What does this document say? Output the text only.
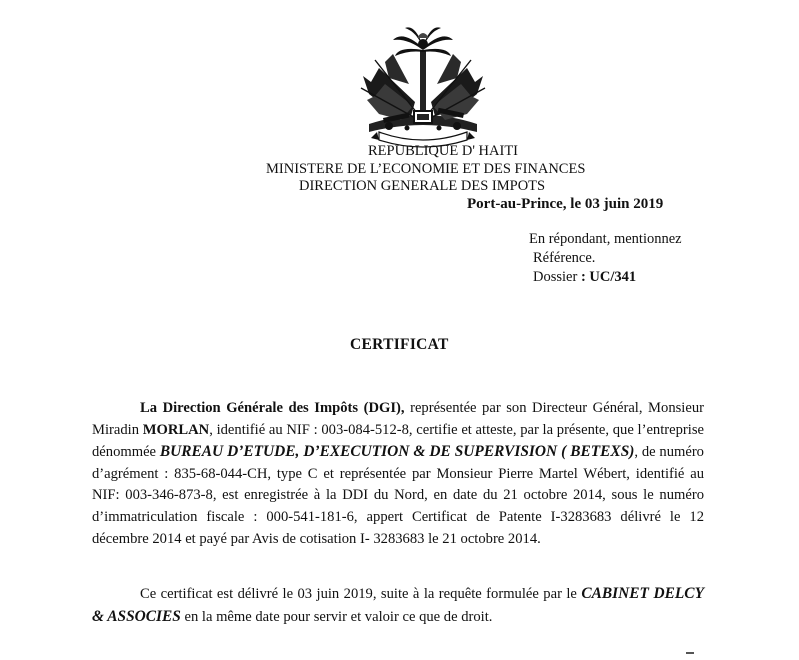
REPUBLIQUE D' HAITI
MINISTERE DE L’ECONOMIE ET DES FINANCES
DIRECTION GENERALE DES IMPOTS
Port-au-Prince, le 03 juin 2019
En répondant, mentionnez
Référence.
Dossier : UC/341
CERTIFICAT
La Direction Générale des Impôts (DGI), représentée par son Directeur Général, Monsieur Miradin MORLAN, identifié au NIF : 003-084-512-8, certifie et atteste, par la présente, que l’entreprise dénommée BUREAU D’ETUDE, D’EXECUTION & DE SUPERVISION ( BETEXS), de numéro d’agrément : 835-68-044-CH, type C et représentée par Monsieur Pierre Martel Wébert, identifié au NIF: 003-346-873-8, est enregistrée à la DDI du Nord, en date du 21 octobre 2014, sous le numéro d’immatriculation fiscale : 000-541-181-6, appert Certificat de Patente I-3283683 délivré le 12 décembre 2014 et payé par Avis de cotisation I- 3283683 le 21 octobre 2014.
Ce certificat est délivré le 03 juin 2019, suite à la requête formulée par le CABINET DELCY & ASSOCIES en la même date pour servir et valoir ce que de droit.
